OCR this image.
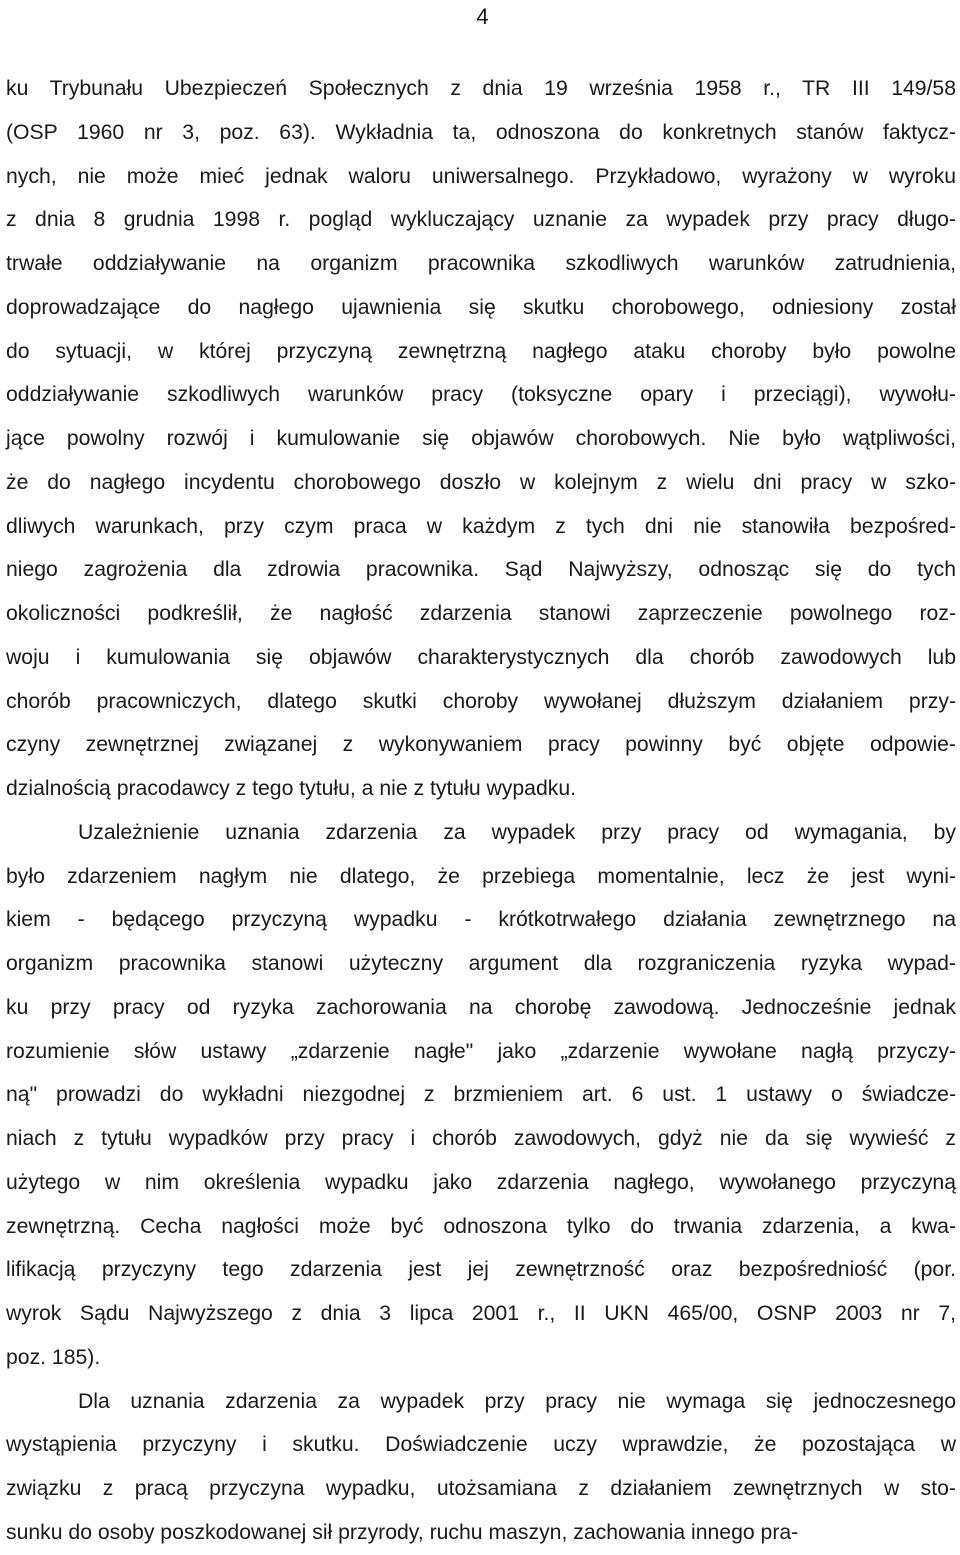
4
ku Trybunału Ubezpieczeń Społecznych z dnia 19 września 1958 r., TR III 149/58
(OSP 1960 nr 3, poz. 63). Wykładnia ta, odnoszona do konkretnych stanów faktycz-
nych, nie może mieć jednak waloru uniwersalnego. Przykładowo, wyrażony w wyroku
z dnia 8 grudnia 1998 r. pogląd wykluczający uznanie za wypadek przy pracy długo-
trwałe oddziaływanie na organizm pracownika szkodliwych warunków zatrudnienia,
doprowadzające do nagłego ujawnienia się skutku chorobowego, odniesiony został
do sytuacji, w której przyczyną zewnętrzną nagłego ataku choroby było powolne
oddziaływanie szkodliwych warunków pracy (toksyczne opary i przeciągi), wywołu-
jące powolny rozwój i kumulowanie się objawów chorobowych. Nie było wątpliwości,
że do nagłego incydentu chorobowego doszło w kolejnym z wielu dni pracy w szko-
dliwych warunkach, przy czym praca w każdym z tych dni nie stanowiła bezpośred-
niego zagrożenia dla zdrowia pracownika. Sąd Najwyższy, odnosząc się do tych
okoliczności podkreślił, że nagłość zdarzenia stanowi zaprzeczenie powolnego roz-
woju i kumulowania się objawów charakterystycznych dla chorób zawodowych lub
chorób pracowniczych, dlatego skutki choroby wywołanej dłuższym działaniem przy-
czyny zewnętrznej związanej z wykonywaniem pracy powinny być objęte odpowie-
dzialnością pracodawcy z tego tytułu, a nie z tytułu wypadku.
Uzależnienie uznania zdarzenia za wypadek przy pracy od wymagania, by
było zdarzeniem nagłym nie dlatego, że przebiega momentalnie, lecz że jest wyni-
kiem - będącego przyczyną wypadku - krótkotrwałego działania zewnętrznego na
organizm pracownika stanowi użyteczny argument dla rozgraniczenia ryzyka wypad-
ku przy pracy od ryzyka zachorowania na chorobę zawodową. Jednocześnie jednak
rozumienie słów ustawy „zdarzenie nagłe" jako „zdarzenie wywołane nagłą przyczy-
ną" prowadzi do wykładni niezgodnej z brzmieniem art. 6 ust. 1 ustawy o świadcze-
niach z tytułu wypadków przy pracy i chorób zawodowych, gdyż nie da się wywieść z
użytego w nim określenia wypadku jako zdarzenia nagłego, wywołanego przyczyną
zewnętrzną. Cecha nagłości może być odnoszona tylko do trwania zdarzenia, a kwa-
lifikacją przyczyny tego zdarzenia jest jej zewnętrzność oraz bezpośredniość (por.
wyrok Sądu Najwyższego z dnia 3 lipca 2001 r., II UKN 465/00, OSNP 2003 nr 7,
poz. 185).
Dla uznania zdarzenia za wypadek przy pracy nie wymaga się jednoczesnego
wystąpienia przyczyny i skutku. Doświadczenie uczy wprawdzie, że pozostająca w
związku z pracą przyczyna wypadku, utożsamiana z działaniem zewnętrznych w sto-
sunku do osoby poszkodowanej sił przyrody, ruchu maszyn, zachowania innego pra-
